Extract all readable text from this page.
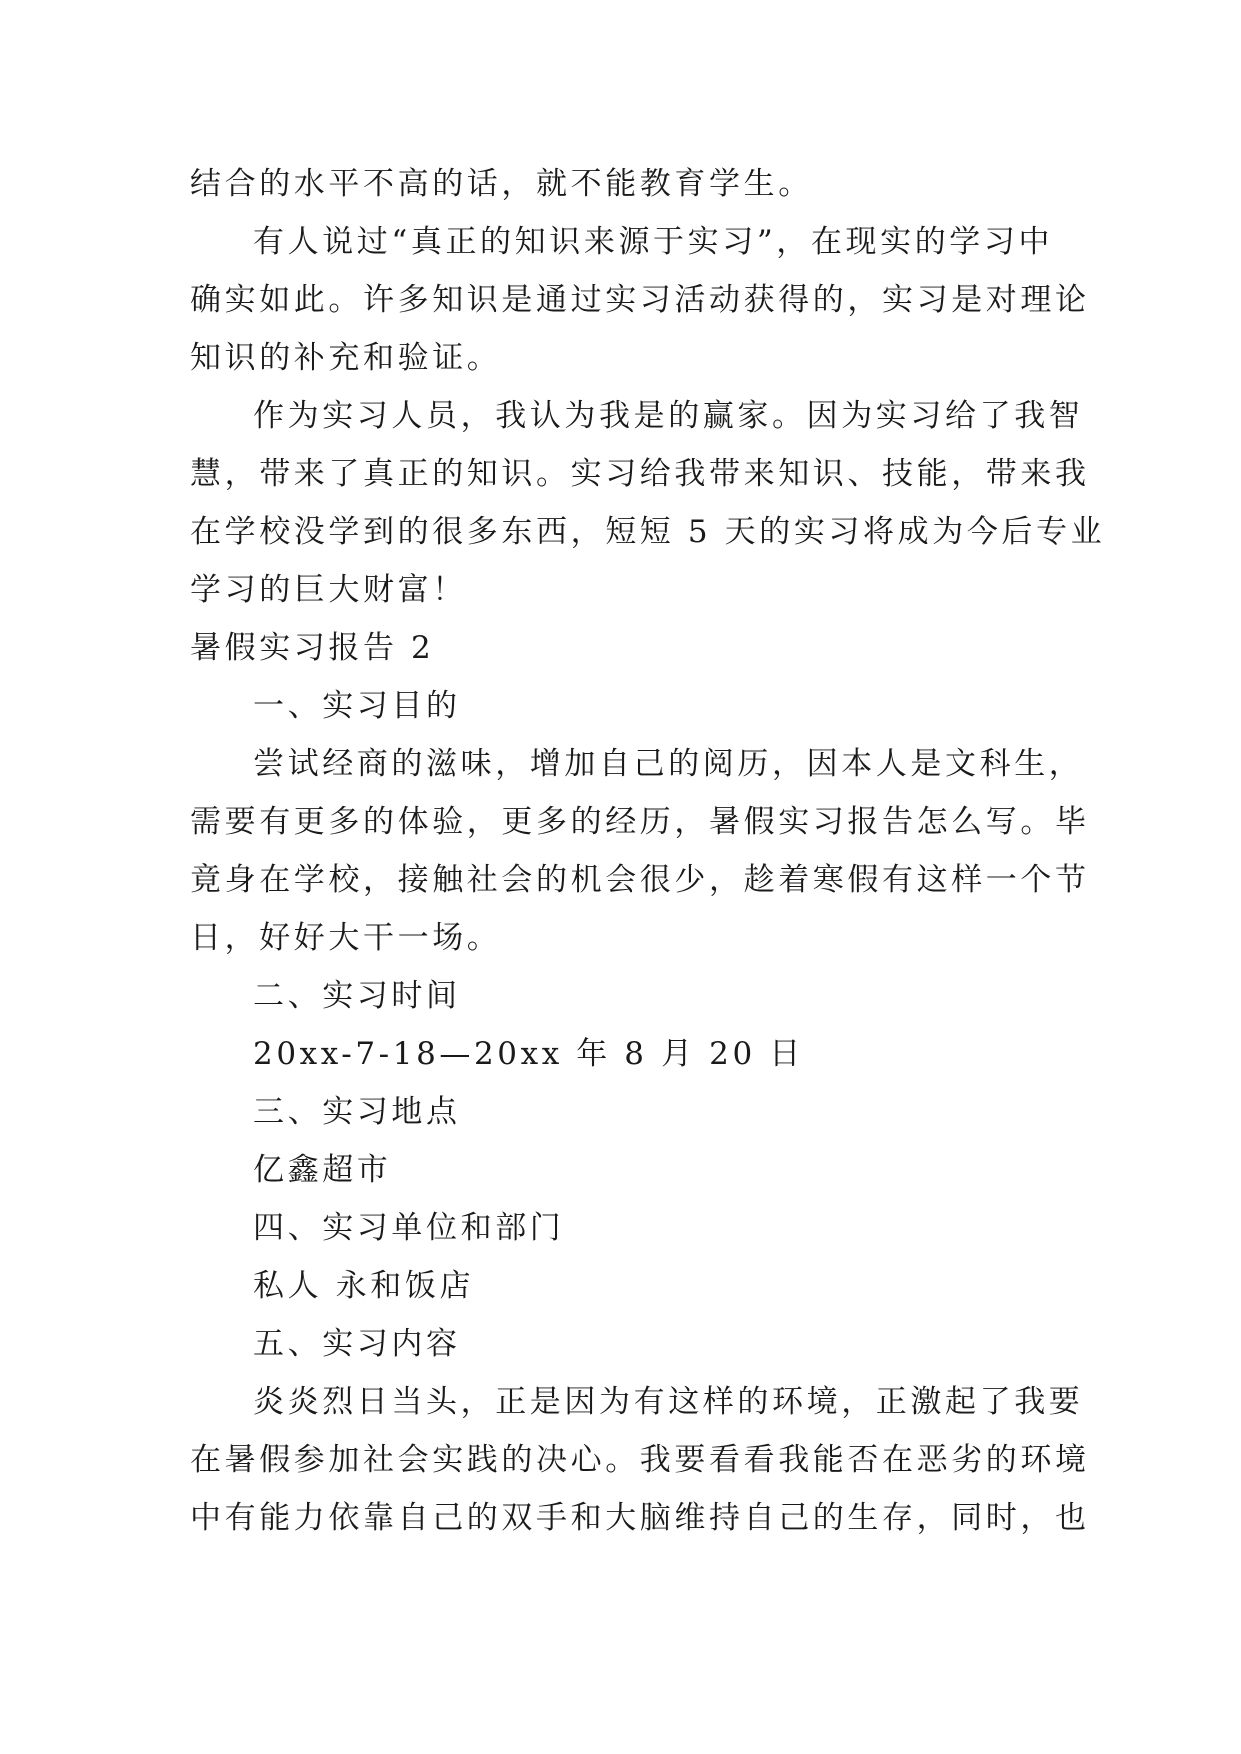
结合的水平不高的话，就不能教育学生。
有人说过“真正的知识来源于实习”，在现实的学习中
确实如此。许多知识是通过实习活动获得的，实习是对理论
知识的补充和验证。
作为实习人员，我认为我是的赢家。因为实习给了我智
慧，带来了真正的知识。实习给我带来知识、技能，带来我
在学校没学到的很多东西，短短 5 天的实习将成为今后专业
学习的巨大财富！
暑假实习报告 2
一、实习目的
尝试经商的滋味，增加自己的阅历，因本人是文科生，
需要有更多的体验，更多的经历，暑假实习报告怎么写。毕
竟身在学校，接触社会的机会很少，趁着寒假有这样一个节
日，好好大干一场。
二、实习时间
20xx-7-18—20xx 年 8 月 20 日
三、实习地点
亿鑫超市
四、实习单位和部门
私人 永和饭店
五、实习内容
炎炎烈日当头，正是因为有这样的环境，正激起了我要
在暑假参加社会实践的决心。我要看看我能否在恶劣的环境
中有能力依靠自己的双手和大脑维持自己的生存，同时，也
